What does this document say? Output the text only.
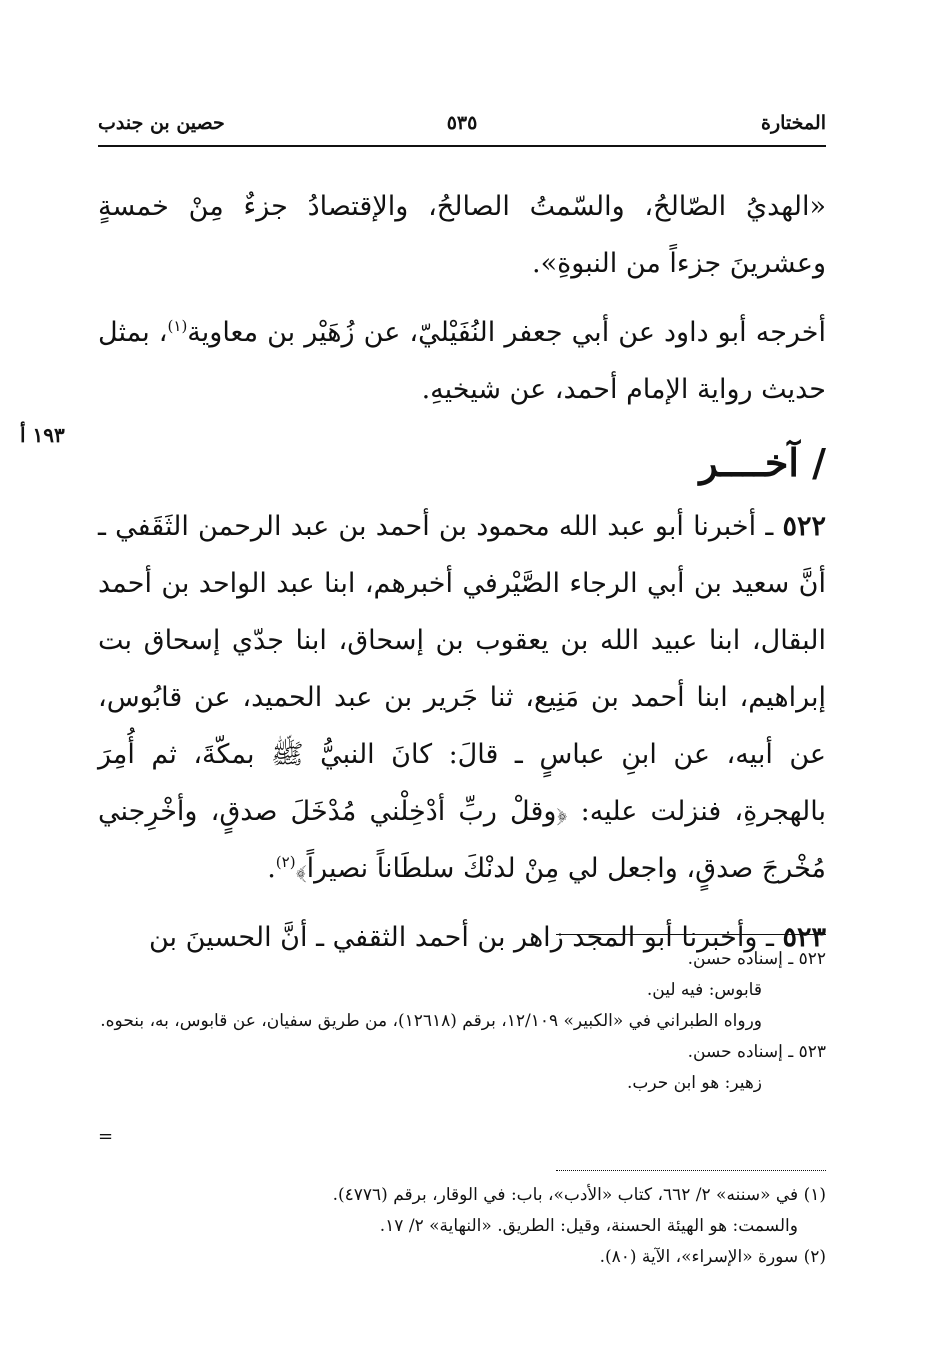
المختارة
٥٣٥
حصين بن جندب
١٩٣ أ

«الهديُ الصّالحُ، والسّمتُ الصالحُ، والإقتصادُ جزءٌ مِنْ خمسةٍ وعشرينَ جزءاً من النبوةِ».

أخرجه أبو داود عن أبي جعفر النُفَيْليّ، عن زُهَيْر بن معاوية$^{(١)}$، بمثل حديث رواية الإمام أحمد، عن شيخيهِ.

/ آخــــر

٥٢٢ ـ أخبرنا أبو عبد الله محمود بن أحمد بن عبد الرحمن الثَقَفي ـ أنَّ سعيد بن أبي الرجاء الصَّيْرفي أخبرهم، ابنا عبد الواحد بن أحمد البقال، ابنا عبيد الله بن يعقوب بن إسحاق، ابنا جدّي إسحاق بت إبراهيم، ابنا أحمد بن مَنِيع، ثنا جَرير بن عبد الحميد، عن قابُوس، عن أبيه، عن ابنِ عباسٍ ـ قالَ: كانَ النبيُّ ﷺ بمكّةَ، ثم أُمِرَ بالهجرةِ، فنزلت عليه: ﴿وقلْ ربِّ أدْخِلْني مُدْخَلَ صدقٍ، وأخْرِجني مُخْرجَ صدقٍ، واجعل لي مِنْ لدنْكَ سلطَاناً نصيراً﴾$^{(٢)}$.

٥٢٣ ـ وأخبرنا أبو المجد زاهر بن أحمد الثقفي ـ أنَّ الحسينَ بن

٥٢٢ ـ إسناده حسن.

قابوس: فيه لين.

ورواه الطبراني في «الكبير» ١٢/١٠٩، برقم (١٢٦١٨)، من طريق سفيان، عن قابوس، به، بنحوه.

٥٢٣ ـ إسناده حسن.

زهير: هو ابن حرب.

=

(١) في «سننه» ٢/ ٦٦٢، كتاب «الأدب»، باب: في الوقار، برقم (٤٧٧٦).

والسمت: هو الهيئة الحسنة، وقيل: الطريق. «النهاية» ٢/ ١٧.

(٢) سورة «الإسراء»، الآية (٨٠).
